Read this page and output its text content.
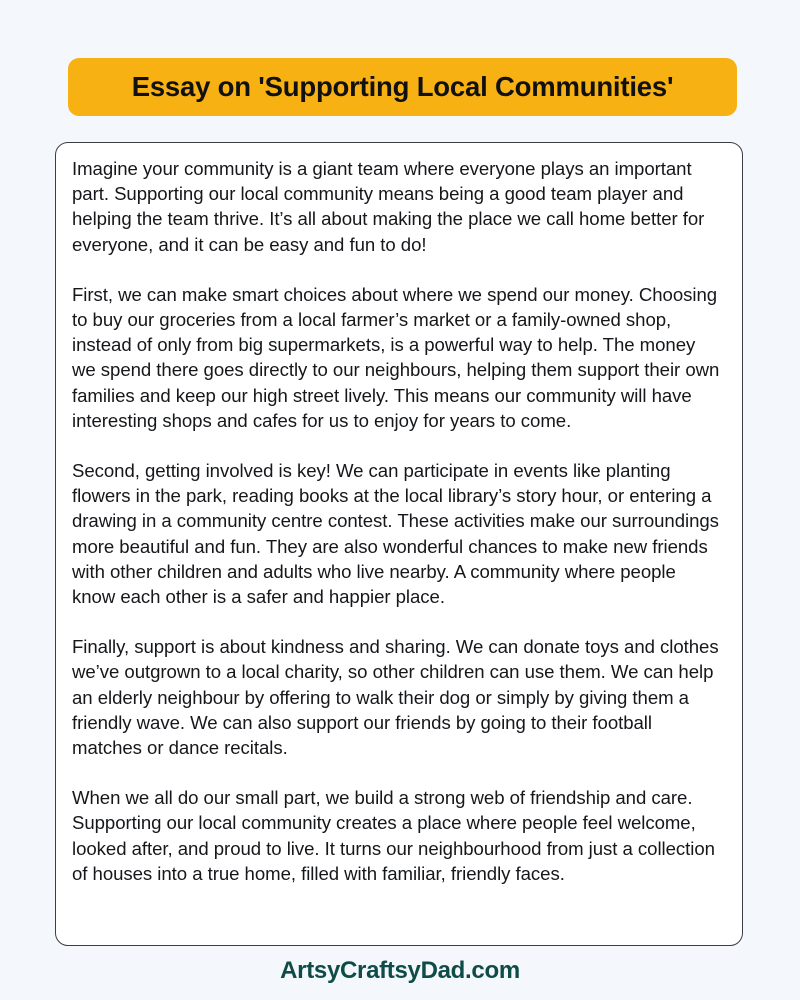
Essay on 'Supporting Local Communities'

Imagine your community is a giant team where everyone plays an important part. Supporting our local community means being a good team player and helping the team thrive. It’s all about making the place we call home better for everyone, and it can be easy and fun to do!

First, we can make smart choices about where we spend our money. Choosing to buy our groceries from a local farmer’s market or a family-owned shop, instead of only from big supermarkets, is a powerful way to help. The money we spend there goes directly to our neighbours, helping them support their own families and keep our high street lively. This means our community will have interesting shops and cafes for us to enjoy for years to come.

Second, getting involved is key! We can participate in events like planting flowers in the park, reading books at the local library’s story hour, or entering a drawing in a community centre contest. These activities make our surroundings more beautiful and fun. They are also wonderful chances to make new friends with other children and adults who live nearby. A community where people know each other is a safer and happier place.

Finally, support is about kindness and sharing. We can donate toys and clothes we’ve outgrown to a local charity, so other children can use them. We can help an elderly neighbour by offering to walk their dog or simply by giving them a friendly wave. We can also support our friends by going to their football matches or dance recitals.

When we all do our small part, we build a strong web of friendship and care. Supporting our local community creates a place where people feel welcome, looked after, and proud to live. It turns our neighbourhood from just a collection of houses into a true home, filled with familiar, friendly faces.

ArtsyCraftsyDad.com
